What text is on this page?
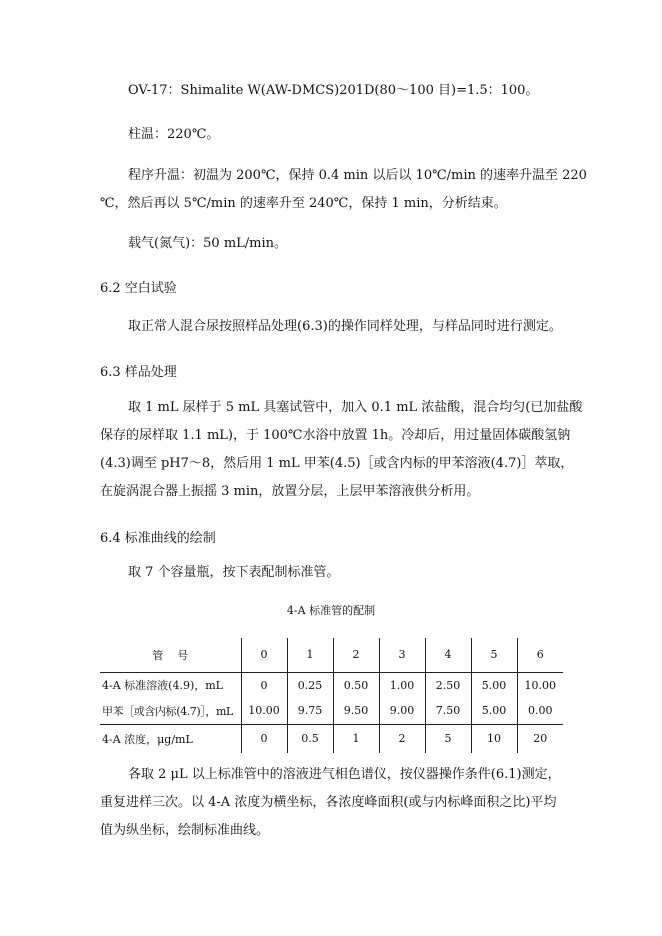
OV-17：Shimalite W(AW-DMCS)201D(80～100 目)=1.5：100。
柱温：220℃。
程序升温：初温为 200℃，保持 0.4 min 以后以 10℃/min 的速率升温至 220
℃，然后再以 5℃/min 的速率升至 240℃，保持 1 min，分析结束。
载气(氮气)：50 mL/min。
6.2 空白试验
取正常人混合尿按照样品处理(6.3)的操作同样处理，与样品同时进行测定。
6.3 样品处理
取 1 mL 尿样于 5 mL 具塞试管中，加入 0.1 mL 浓盐酸，混合均匀(已加盐酸
保存的尿样取 1.1 mL)，于 100℃水浴中放置 1h。冷却后，用过量固体碳酸氢钠
(4.3)调至 pH7～8，然后用 1 mL 甲苯(4.5)［或含内标的甲苯溶液(4.7)］萃取，
在旋涡混合器上振摇 3 min，放置分层，上层甲苯溶液供分析用。
6.4 标准曲线的绘制
取 7 个容量瓶，按下表配制标准管。
4-A 标准管的配制
管    号	0	1	2	3	4	5	6
4-A 标准溶液(4.9)，mL	0	0.25	0.50	1.00	2.50	5.00	10.00
甲苯［或含内标(4.7)］，mL	10.00	9.75	9.50	9.00	7.50	5.00	0.00
4-A 浓度，μg/mL	0	0.5	1	2	5	10	20
各取 2 μL 以上标准管中的溶液进气相色谱仪，按仪器操作条件(6.1)测定，
重复进样三次。以 4-A 浓度为横坐标，各浓度峰面积(或与内标峰面积之比)平均
值为纵坐标，绘制标准曲线。
